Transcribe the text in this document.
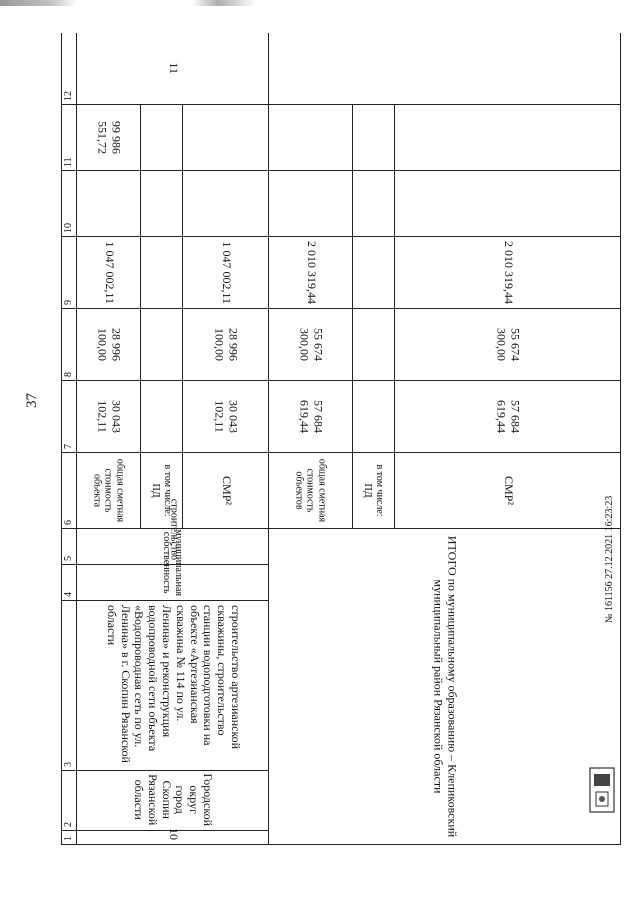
37
1	2	3	4	5	6	7	8	9	10	11	12
10	Городской округ город Скопин Рязанской области	строительство артезианской скважины, строительство станции водоподготовки на объекте «Артезианская скважина № 114 по ул. Ленина» и реконструкция водопроводной сети объекта «Водопроводная сеть по ул. Ленина» в г. Скопин Рязанской области	муниципальная собственность	строительство	общая сметная стоимость объекта	30 043 102,11	28 996 100,00	1 047 002,11		99 986 551,72	11
					в том числе: ПД						
					СМР²	30 043 102,11	28 996 100,00	1 047 002,11			
ИТОГО по муниципальному образованию – Клепиковский муниципальный район Рязанской области					общая сметная стоимость объектов	57 684 619,44	55 674 300,00	2 010 319,44			
					в том числе: ПД						
					СМР²	57 684 619,44	55 674 300,00	2 010 319,44			
№ 161156 27.12.2021 16:23:23
